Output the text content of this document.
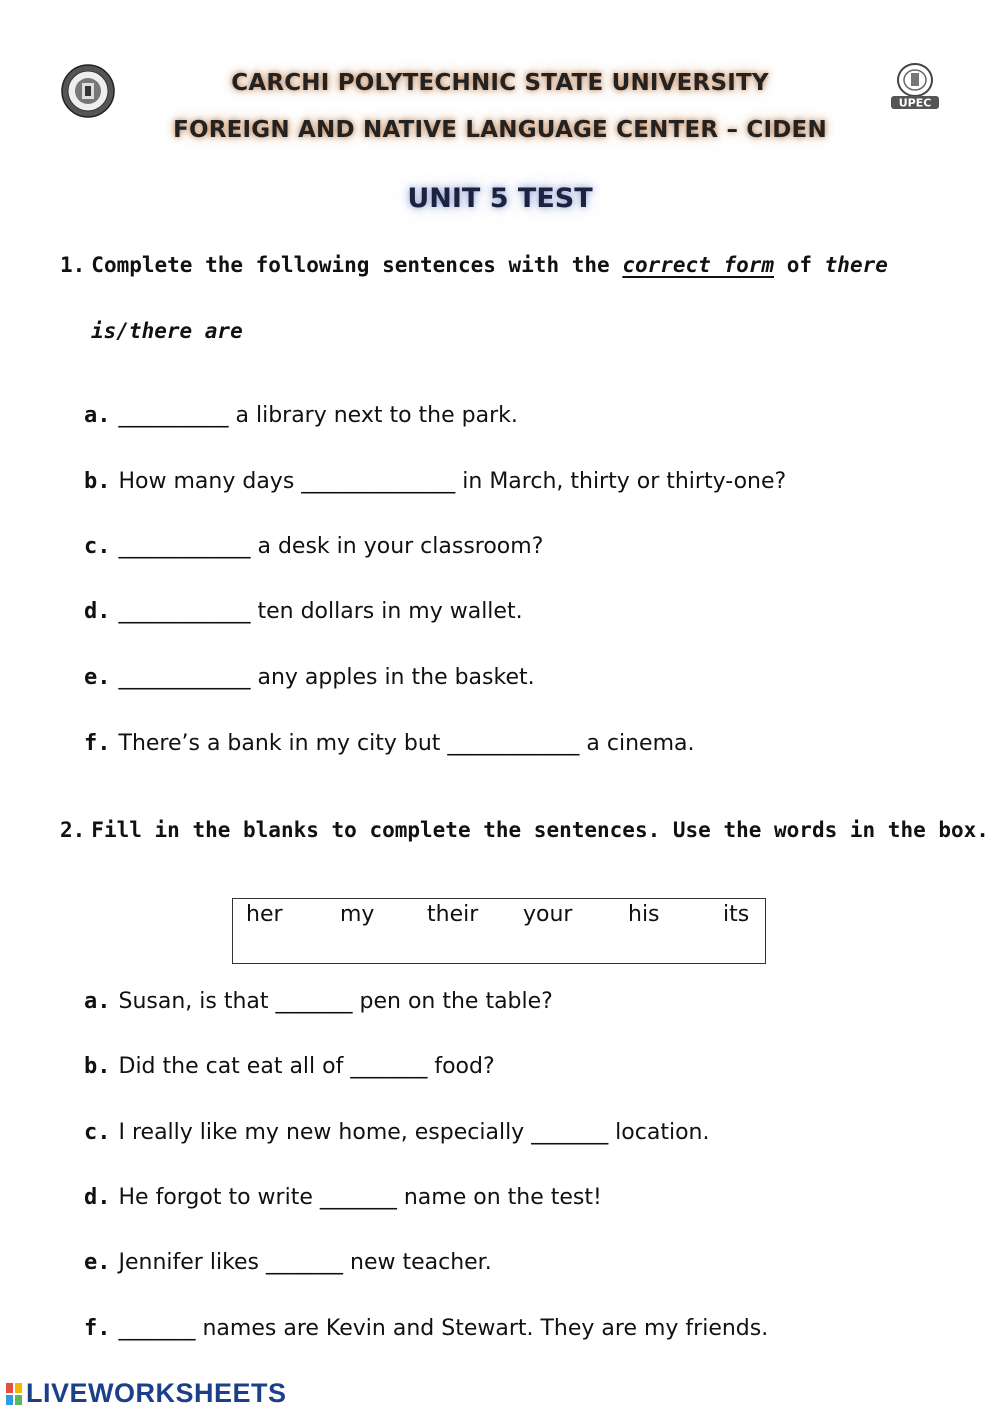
UPEC
CARCHI POLYTECHNIC STATE UNIVERSITY
FOREIGN AND NATIVE LANGUAGE CENTER – CIDEN
UNIT 5 TEST
1. Complete the following sentences with the correct form of there
is/there are
a. __________ a library next to the park.
b. How many days ______________ in March, thirty or thirty-one?
c. ____________ a desk in your classroom?
d. ____________ ten dollars in my wallet.
e. ____________ any apples in the basket.
f. There’s a bank in my city but ____________ a cinema.
2. Fill in the blanks to complete the sentences. Use the words in the box.
her	my their your	his	its
a. Susan, is that _______ pen on the table?
b. Did the cat eat all of _______ food?
c. I really like my new home, especially _______ location.
d. He forgot to write _______ name on the test!
e. Jennifer likes _______ new teacher.
f. _______ names are Kevin and Stewart. They are my friends.
LIVEWORKSHEETS
